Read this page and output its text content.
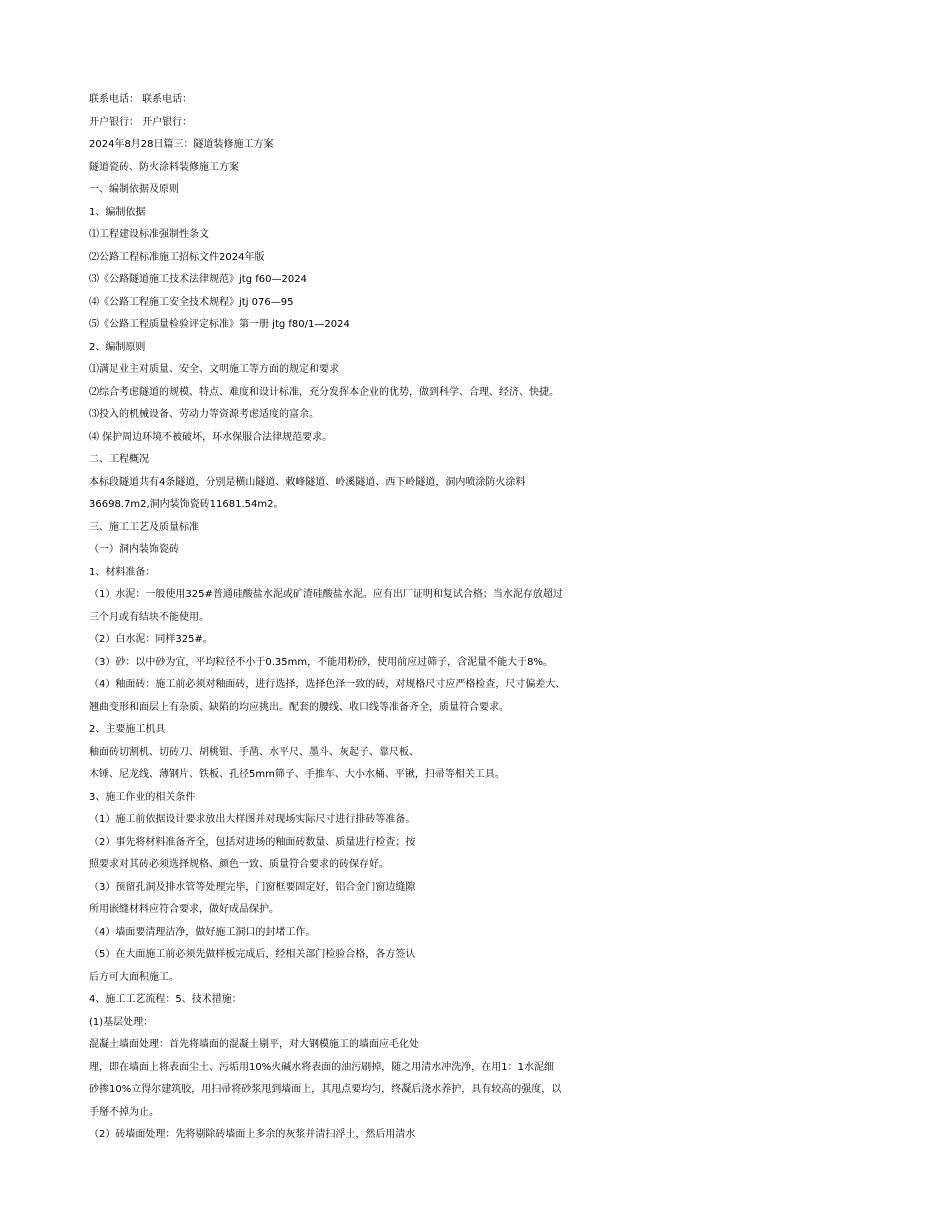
联系电话： 联系电话：
开户银行： 开户银行：
2024年8月28日篇三：隧道装修施工方案
隧道瓷砖、防火涂料装修施工方案
一、编制依据及原则
1、编制依据
⑴工程建设标准强制性条文
⑵公路工程标准施工招标文件2024年版
⑶《公路隧道施工技术法律规范》jtg f60—2024
⑷《公路工程施工安全技术规程》jtj 076—95
⑸《公路工程质量检验评定标准》第一册 jtg f80/1—2024
2、编制原则
⑴满足业主对质量、安全、文明施工等方面的规定和要求
⑵综合考虑隧道的规模、特点、难度和设计标准，充分发挥本企业的优势，做到科学、合理、经济、快捷。
⑶投入的机械设备、劳动力等资源考虑适度的富余。
⑷ 保护周边环境不被破坏，环水保服合法律规范要求。
二、工程概况
本标段隧道共有4条隧道，分别是横山隧道、敕峰隧道、岭溪隧道、西下岭隧道，洞内喷涂防火涂料
36698.7m2,洞内装饰瓷砖11681.54m2。
三、施工工艺及质量标准
（一）洞内装饰瓷砖
1、材料准备：
（1）水泥：一般使用325#普通硅酸盐水泥或矿渣硅酸盐水泥。应有出厂证明和复试合格；当水泥存放超过
三个月或有结块不能使用。
（2）白水泥：同样325#。
（3）砂：以中砂为宜，平均粒径不小于0.35mm，不能用粉砂，使用前应过筛子，含泥量不能大于8%。
（4）釉面砖：施工前必须对釉面砖，进行选择，选择色泽一致的砖，对规格尺寸应严格检查，尺寸偏差大、
翘曲变形和面层上有杂质、缺陷的均应挑出。配套的腰线、收口线等准备齐全，质量符合要求。
2、主要施工机具
釉面砖切割机、切砖刀、胡桃钳、手凿、水平尺、墨斗、灰起子、靠尺板、
木锤、尼龙线、薄钢片、铁板、孔径5mm筛子、手推车、大小水桶、平锹，扫帚等相关工具。
3、施工作业的相关条件
（1）施工前依据设计要求放出大样图并对现场实际尺寸进行排砖等准备。
（2）事先将材料准备齐全，包括对进场的釉面砖数量、质量进行检查；按
照要求对其砖必须选择规格、颜色一致、质量符合要求的砖保存好。
（3）预留孔洞及排水管等处理完毕，门窗框要固定好，铝合金门窗边缝隙
所用嵌缝材料应符合要求，做好成品保护。
（4）墙面要清理洁净，做好施工洞口的封堵工作。
（5）在大面施工前必须先做样板完成后，经相关部门检验合格，各方签认
后方可大面积施工。
4、施工工艺流程：5、技术措施：
(1)基层处理：
混凝土墙面处理：首先将墙面的混凝土剔平，对大钢模施工的墙面应毛化处
理，即在墙面上将表面尘土、污垢用10%火碱水将表面的油污刷掉，随之用清水冲洗净，在用1：1水泥细
砂掺10%立得尔建筑胶，用扫帚将砂浆甩到墙面上，其甩点要均匀，终凝后浇水养护，具有较高的强度，以
手掰不掉为止。
（2）砖墙面处理：先将剔除砖墙面上多余的灰浆并清扫浮土，然后用清水
